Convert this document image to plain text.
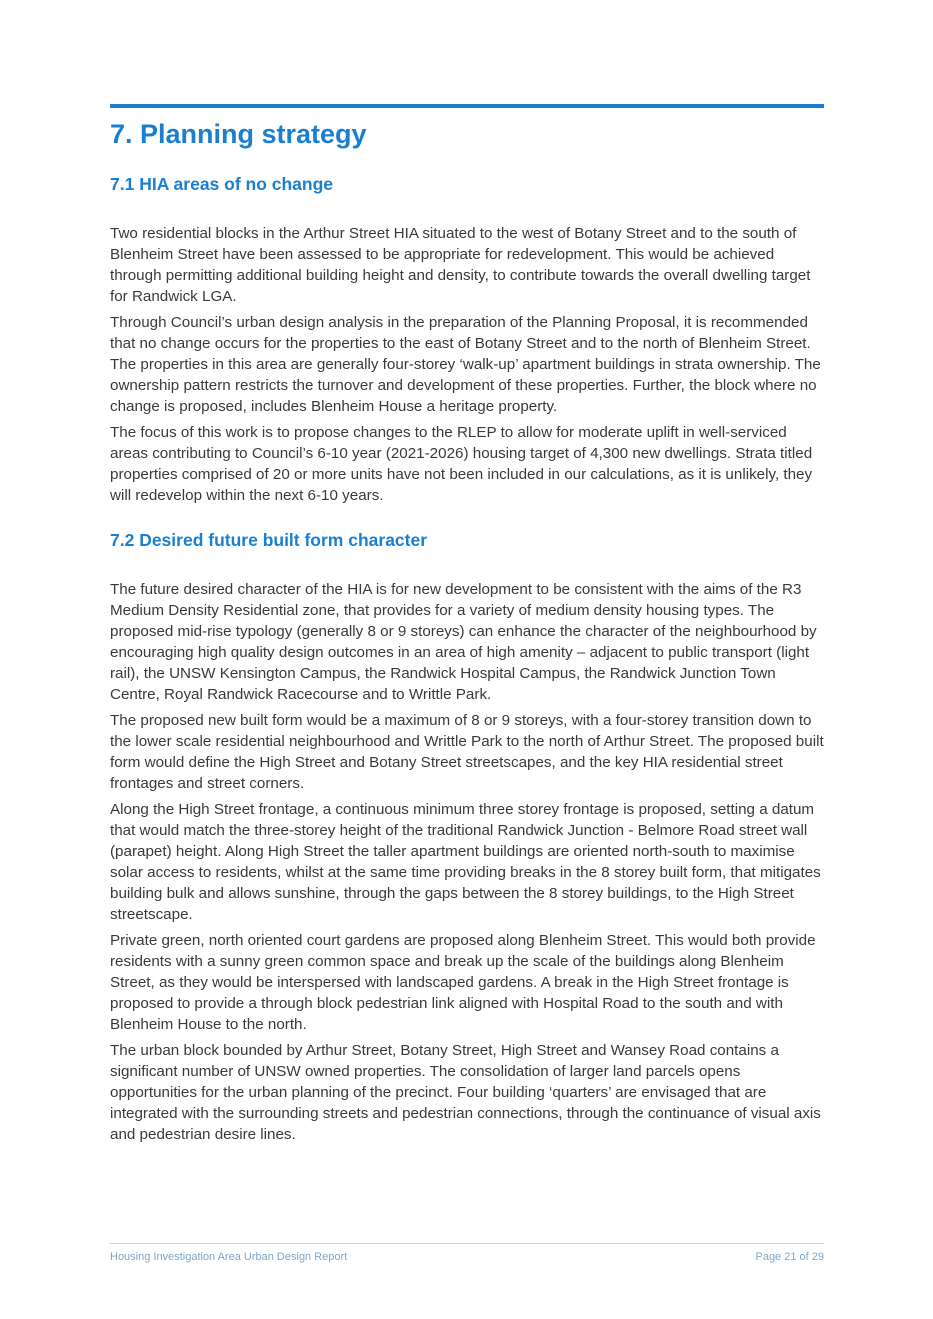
7. Planning strategy
7.1 HIA areas of no change

Two residential blocks in the Arthur Street HIA situated to the west of Botany Street and to the south of Blenheim Street have been assessed to be appropriate for redevelopment. This would be achieved through permitting additional building height and density, to contribute towards the overall dwelling target for Randwick LGA.

Through Council’s urban design analysis in the preparation of the Planning Proposal, it is recommended that no change occurs for the properties to the east of Botany Street and to the north of Blenheim Street. The properties in this area are generally four-storey ‘walk-up’ apartment buildings in strata ownership. The ownership pattern restricts the turnover and development of these properties. Further, the block where no change is proposed, includes Blenheim House a heritage property.

The focus of this work is to propose changes to the RLEP to allow for moderate uplift in well-serviced areas contributing to Council’s 6-10 year (2021-2026) housing target of 4,300 new dwellings. Strata titled properties comprised of 20 or more units have not been included in our calculations, as it is unlikely, they will redevelop within the next 6-10 years.

7.2 Desired future built form character

The future desired character of the HIA is for new development to be consistent with the aims of the R3 Medium Density Residential zone, that provides for a variety of medium density housing types. The proposed mid-rise typology (generally 8 or 9 storeys) can enhance the character of the neighbourhood by encouraging high quality design outcomes in an area of high amenity – adjacent to public transport (light rail), the UNSW Kensington Campus, the Randwick Hospital Campus, the Randwick Junction Town Centre, Royal Randwick Racecourse and to Writtle Park.

The proposed new built form would be a maximum of 8 or 9 storeys, with a four-storey transition down to the lower scale residential neighbourhood and Writtle Park to the north of Arthur Street. The proposed built form would define the High Street and Botany Street streetscapes, and the key HIA residential street frontages and street corners.

Along the High Street frontage, a continuous minimum three storey frontage is proposed, setting a datum that would match the three-storey height of the traditional Randwick Junction - Belmore Road street wall (parapet) height. Along High Street the taller apartment buildings are oriented north-south to maximise solar access to residents, whilst at the same time providing breaks in the 8 storey built form, that mitigates building bulk and allows sunshine, through the gaps between the 8 storey buildings, to the High Street streetscape.

Private green, north oriented court gardens are proposed along Blenheim Street. This would both provide residents with a sunny green common space and break up the scale of the buildings along Blenheim Street, as they would be interspersed with landscaped gardens. A break in the High Street frontage is proposed to provide a through block pedestrian link aligned with Hospital Road to the south and with Blenheim House to the north.

The urban block bounded by Arthur Street, Botany Street, High Street and Wansey Road contains a significant number of UNSW owned properties. The consolidation of larger land parcels opens opportunities for the urban planning of the precinct. Four building ‘quarters’ are envisaged that are integrated with the surrounding streets and pedestrian connections, through the continuance of visual axis and pedestrian desire lines.

Housing Investigation Area Urban Design Report	Page 21 of 29
